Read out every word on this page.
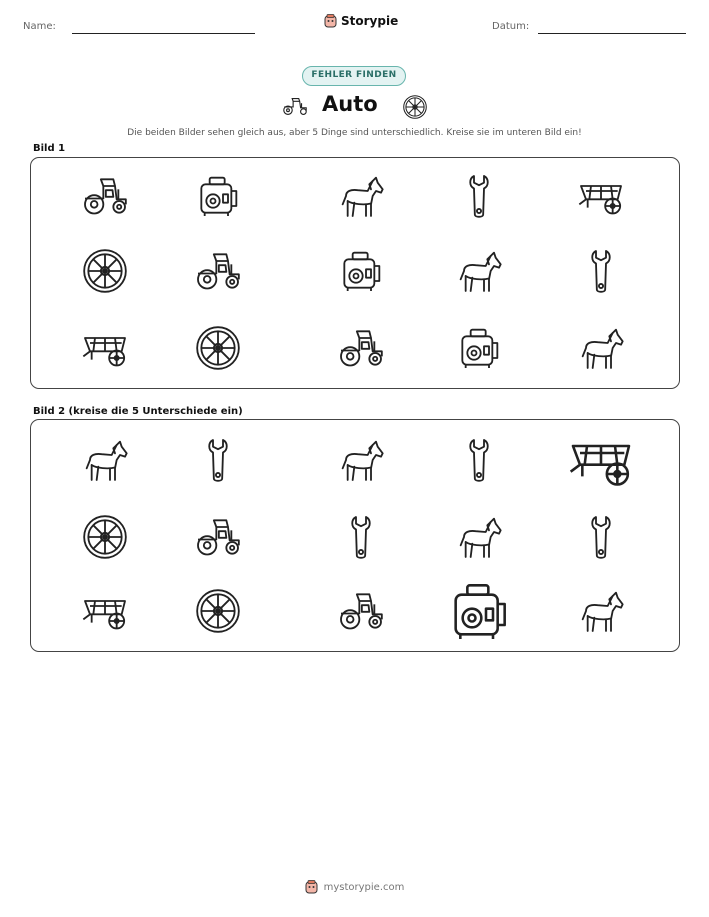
Name:	Storypie	Datum:
FEHLER FINDEN
Auto
Die beiden Bilder sehen gleich aus, aber 5 Dinge sind unterschiedlich. Kreise sie im unteren Bild ein!
Bild 1
Bild 2 (kreise die 5 Unterschiede ein)
mystorypie.com
